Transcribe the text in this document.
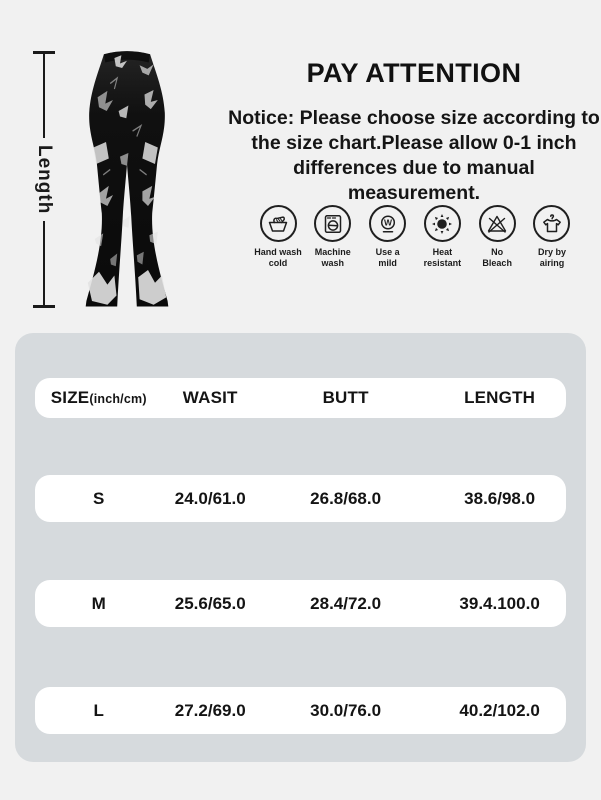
Length
PAY ATTENTION

Notice: Please choose size according to
the size chart.Please allow 0-1 inch
differences due to manual measurement.

Hand wash
cold
Machine
wash
W
Use a
mild
Heat
resistant
No
Bleach
Dry by
airing
SIZE(inch/cm)	WASIT	BUTT	LENGTH
S	24.0/61.0	26.8/68.0	38.6/98.0
M	25.6/65.0	28.4/72.0	39.4.100.0
L	27.2/69.0	30.0/76.0	40.2/102.0
